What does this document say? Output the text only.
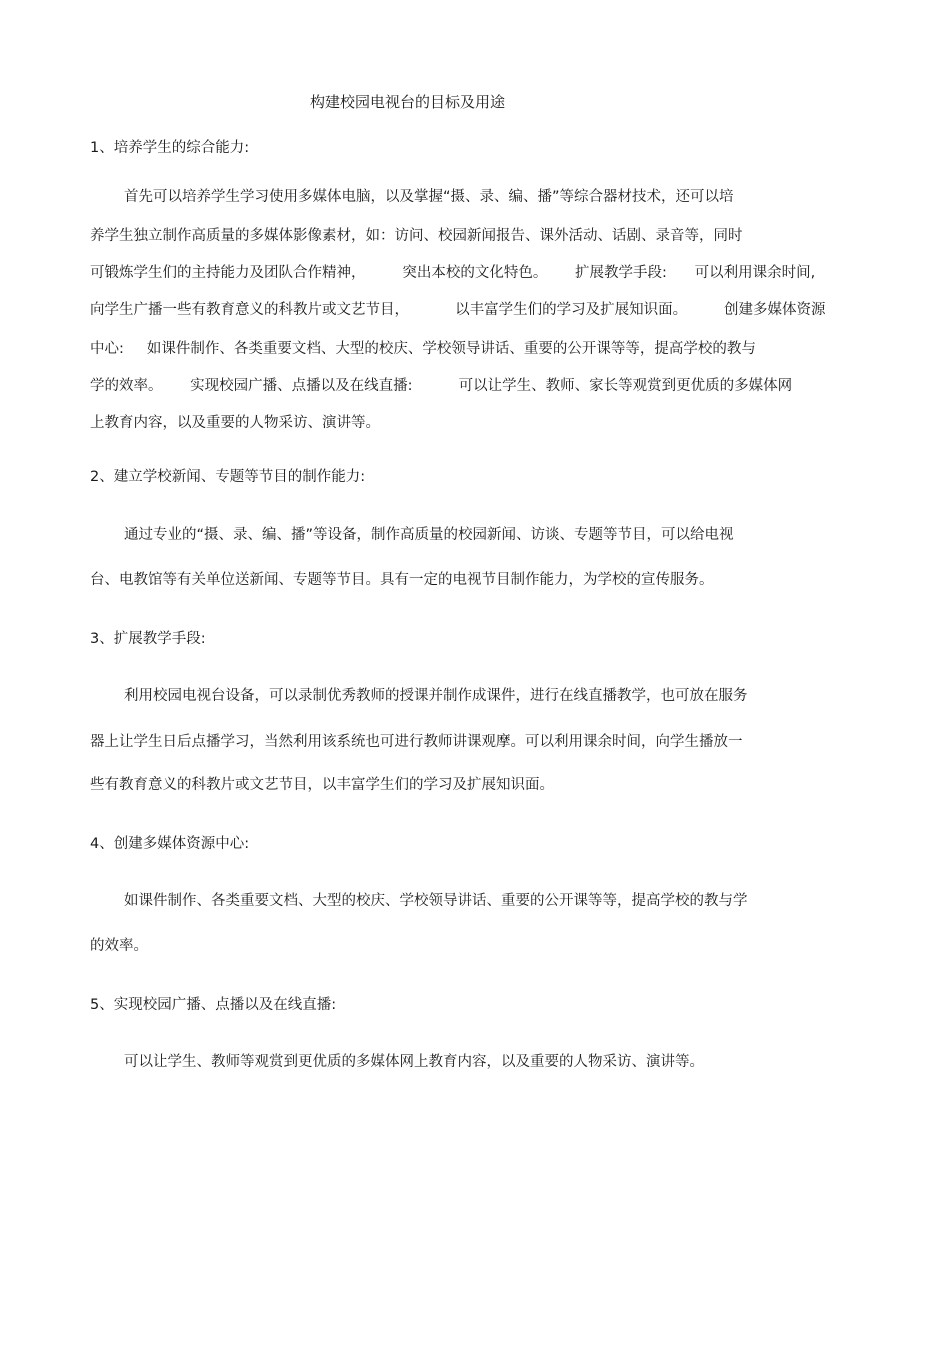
构建校园电视台的目标及用途
1、培养学生的综合能力:
首先可以培养学生学习使用多媒体电脑，以及掌握“摄、录、编、播”等综合器材技术，还可以培
养学生独立制作高质量的多媒体影像素材，如：访问、校园新闻报告、课外活动、话剧、录音等，同时
可锻炼学生们的主持能力及团队合作精神，        突出本校的文化特色。      扩展教学手段:      可以利用课余时间,
向学生广播一些有教育意义的科教片或文艺节目，          以丰富学生们的学习及扩展知识面。        创建多媒体资源
中心:     如课件制作、各类重要文档、大型的校庆、学校领导讲话、重要的公开课等等，提高学校的教与
学的效率。      实现校园广播、点播以及在线直播:          可以让学生、教师、家长等观赏到更优质的多媒体网
上教育内容，以及重要的人物采访、演讲等。
2、建立学校新闻、专题等节目的制作能力:
通过专业的“摄、录、编、播”等设备，制作高质量的校园新闻、访谈、专题等节目，可以给电视
台、电教馆等有关单位送新闻、专题等节目。具有一定的电视节目制作能力，为学校的宣传服务。
3、扩展教学手段:
利用校园电视台设备，可以录制优秀教师的授课并制作成课件，进行在线直播教学，也可放在服务
器上让学生日后点播学习，当然利用该系统也可进行教师讲课观摩。可以利用课余时间，向学生播放一
些有教育意义的科教片或文艺节目，以丰富学生们的学习及扩展知识面。
4、创建多媒体资源中心:
如课件制作、各类重要文档、大型的校庆、学校领导讲话、重要的公开课等等，提高学校的教与学
的效率。
5、实现校园广播、点播以及在线直播:
可以让学生、教师等观赏到更优质的多媒体网上教育内容，以及重要的人物采访、演讲等。
